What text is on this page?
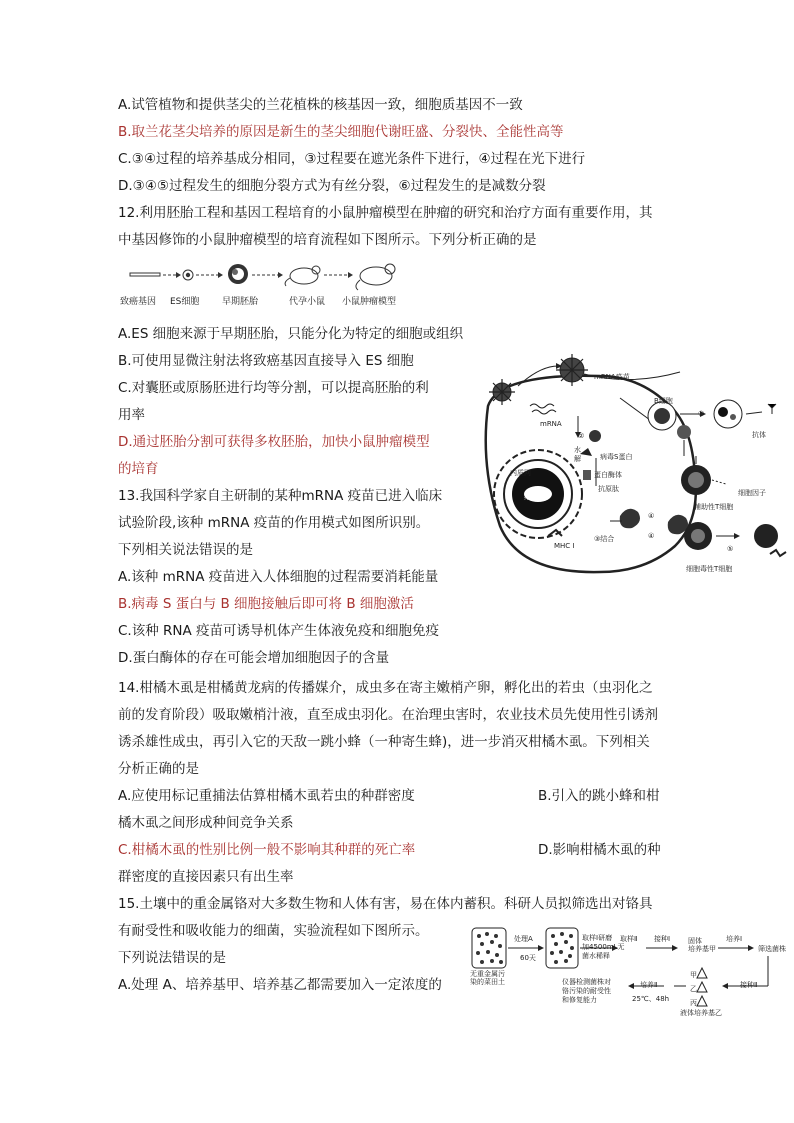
A.试管植物和提供茎尖的兰花植株的核基因一致，细胞质基因不一致
B.取兰花茎尖培养的原因是新生的茎尖细胞代谢旺盛、分裂快、全能性高等
C.③④过程的培养基成分相同，③过程要在遮光条件下进行，④过程在光下进行
D.③④⑤过程发生的细胞分裂方式为有丝分裂，⑥过程发生的是减数分裂
12.利用胚胎工程和基因工程培育的小鼠肿瘤模型在肿瘤的研究和治疗方面有重要作用，其
中基因修饰的小鼠肿瘤模型的培育流程如下图所示。下列分析正确的是
致癌基因 ES细胞	早期胚胎	代孕小鼠 小鼠肿瘤模型
A.ES 细胞来源于早期胚胎，只能分化为特定的细胞或组织
B.可使用显微注射法将致癌基因直接导入 ES 细胞
C.对囊胚或原肠胚进行均等分割，可以提高胚胎的利
用率
D.通过胚胎分割可获得多枚胚胎，加快小鼠肿瘤模型
的培育
mRNA疫苗
mRNA
②
病毒S蛋白
水
解
蛋白酶体
抗原肽
内质网
细胞核
MHC Ⅰ
③结合
B细胞
⑤
抗体
细胞因子
辅助性T细胞
④
④
⑤
细胞毒性T细胞
13.我国科学家自主研制的某种mRNA 疫苗已进入临床
试验阶段,该种 mRNA 疫苗的作用模式如图所识别。
下列相关说法错误的是
A.该种 mRNA 疫苗进入人体细胞的过程需要消耗能量
B.病毒 S 蛋白与 B 细胞接触后即可将 B 细胞激活
C.该种 RNA 疫苗可诱导机体产生体液免疫和细胞免疫
D.蛋白酶体的存在可能会增加细胞因子的含量
14.柑橘木虱是柑橘黄龙病的传播媒介，成虫多在寄主嫩梢产卵，孵化出的若虫（虫羽化之
前的发育阶段）吸取嫩梢汁液，直至成虫羽化。在治理虫害时，农业技术员先使用性引诱剂
诱杀雄性成虫，再引入它的天敌一跳小蜂（一种寄生蜂)，进一步消灭柑橘木虱。下列相关
分析正确的是
A.应使用标记重捕法估算柑橘木虱若虫的种群密度	B.引入的跳小蜂和柑
橘木虱之间形成种间竞争关系
C.柑橘木虱的性别比例一般不影响其种群的死亡率	D.影响柑橘木虱的种
群密度的直接因素只有出生率
15.土壤中的重金属铬对大多数生物和人体有害，易在体内蓄积。科研人员拟筛选出对铬具
有耐受性和吸收能力的细菌，实验流程如下图所示。
下列说法错误的是
A.处理 A、培养基甲、培养基乙都需要加入一定浓度的
处理A
60天
无重金属污
染的菜田土
取样Ⅰ研磨
加4500mL无
菌水稀释
取样Ⅱ 接种Ⅰ	固体
培养基甲
培养Ⅰ
筛选菌株
接种Ⅱ
培养Ⅱ
25℃、48h
仪器检测菌株对
铬污染的耐受性
和修复能力
甲
乙
丙
液体培养基乙
